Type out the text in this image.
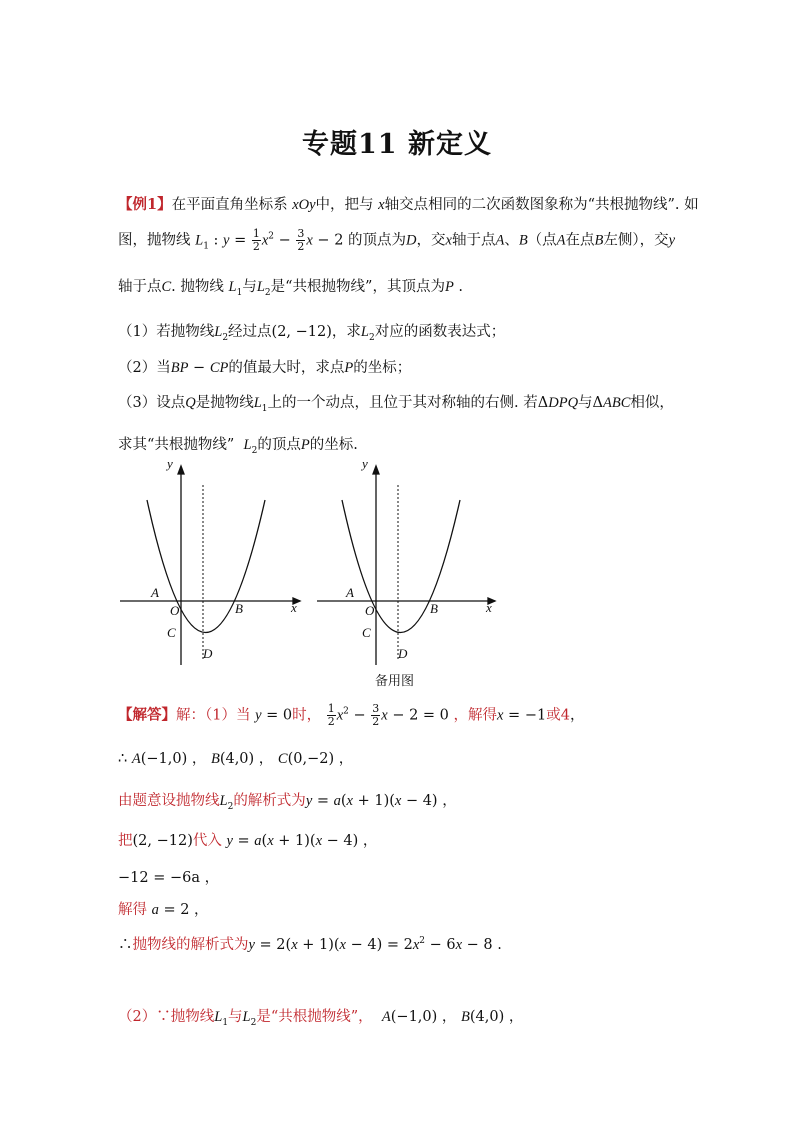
专题11 新定义
【例1】在平面直角坐标系 xOy中，把与 x轴交点相同的二次函数图象称为“共根抛物线”. 如
图，抛物线 $L_1$ : $y = \frac{1}{2} x^2 - \frac{3}{2}$ x − 2 的顶点为D，交x轴于点A、B（点A在点B左侧），交y
轴于点C. 抛物线 $L_1$与$L_2$是“共根抛物线”，其顶点为P .
（1）若抛物线$L_2$经过点(2, −12)，求$L_2$对应的函数表达式；
（2）当BP − CP的值最大时，求点P的坐标；
（3）设点Q是抛物线$L_1$上的一个动点，且位于其对称轴的右侧. 若ΔDPQ与ΔABC相似，
求其“共根抛物线” $L_2$的顶点P的坐标.
y
x
A
O	B
C
D
y
x
A
O	B
C
D
备用图
【解答】解：（1）当 y = 0时， $\frac{1}{2} x^2 - \frac{3}{2}$ x − 2 = 0 ，解得x = −1或4，
∴ A(−1,0) ， B(4,0) ， C(0,−2) ，
由题意设抛物线$L_2$的解析式为y = a(x + 1)(x − 4) ，
把(2, −12)代入 y = a(x + 1)(x − 4) ，
−12 = −6a ，
解得 a = 2 ，
∴抛物线的解析式为$y = 2(x + 1)(x - 4) = 2x^2 - 6x - 8$ .
（2）∵抛物线$L_1$与$L_2$是“共根抛物线”， A(−1,0) ， B(4,0) ，
